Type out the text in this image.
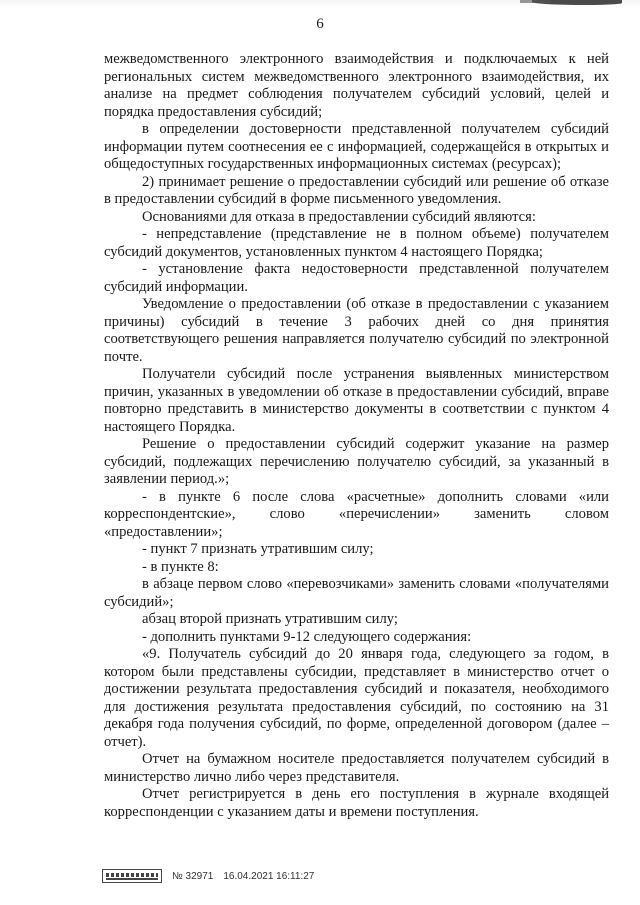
6

межведомственного электронного взаимодействия и подключаемых к ней региональных систем межведомственного электронного взаимодействия, их анализе на предмет соблюдения получателем субсидий условий, целей и порядка предоставления субсидий;

в определении достоверности представленной получателем субсидий информации путем соотнесения ее с информацией, содержащейся в открытых и общедоступных государственных информационных системах (ресурсах);

2) принимает решение о предоставлении субсидий или решение об отказе в предоставлении субсидий в форме письменного уведомления.

Основаниями для отказа в предоставлении субсидий являются:

- непредставление (представление не в полном объеме) получателем субсидий документов, установленных пунктом 4 настоящего Порядка;

- установление факта недостоверности представленной получателем субсидий информации.

Уведомление о предоставлении (об отказе в предоставлении с указанием причины) субсидий в течение 3 рабочих дней со дня принятия соответствующего решения направляется получателю субсидий по электронной почте.

Получатели субсидий после устранения выявленных министерством причин, указанных в уведомлении об отказе в предоставлении субсидий, вправе повторно представить в министерство документы в соответствии с пунктом 4 настоящего Порядка.

Решение о предоставлении субсидий содержит указание на размер субсидий, подлежащих перечислению получателю субсидий, за указанный в заявлении период.»;

- в пункте 6 после слова «расчетные» дополнить словами «или корреспондентские», слово «перечислении» заменить словом «предоставлении»;

- пункт 7 признать утратившим силу;

- в пункте 8:

в абзаце первом слово «перевозчиками» заменить словами «получателями субсидий»;

абзац второй признать утратившим силу;

- дополнить пунктами 9-12 следующего содержания:

«9. Получатель субсидий до 20 января года, следующего за годом, в котором были представлены субсидии, представляет в министерство отчет о достижении результата предоставления субсидий и показателя, необходимого для достижения результата предоставления субсидий, по состоянию на 31 декабря года получения субсидий, по форме, определенной договором (далее – отчет).

Отчет на бумажном носителе предоставляется получателем субсидий в министерство лично либо через представителя.

Отчет регистрируется в день его поступления в журнале входящей корреспонденции с указанием даты и времени поступления.

№ 32971 16.04.2021 16:11:27
